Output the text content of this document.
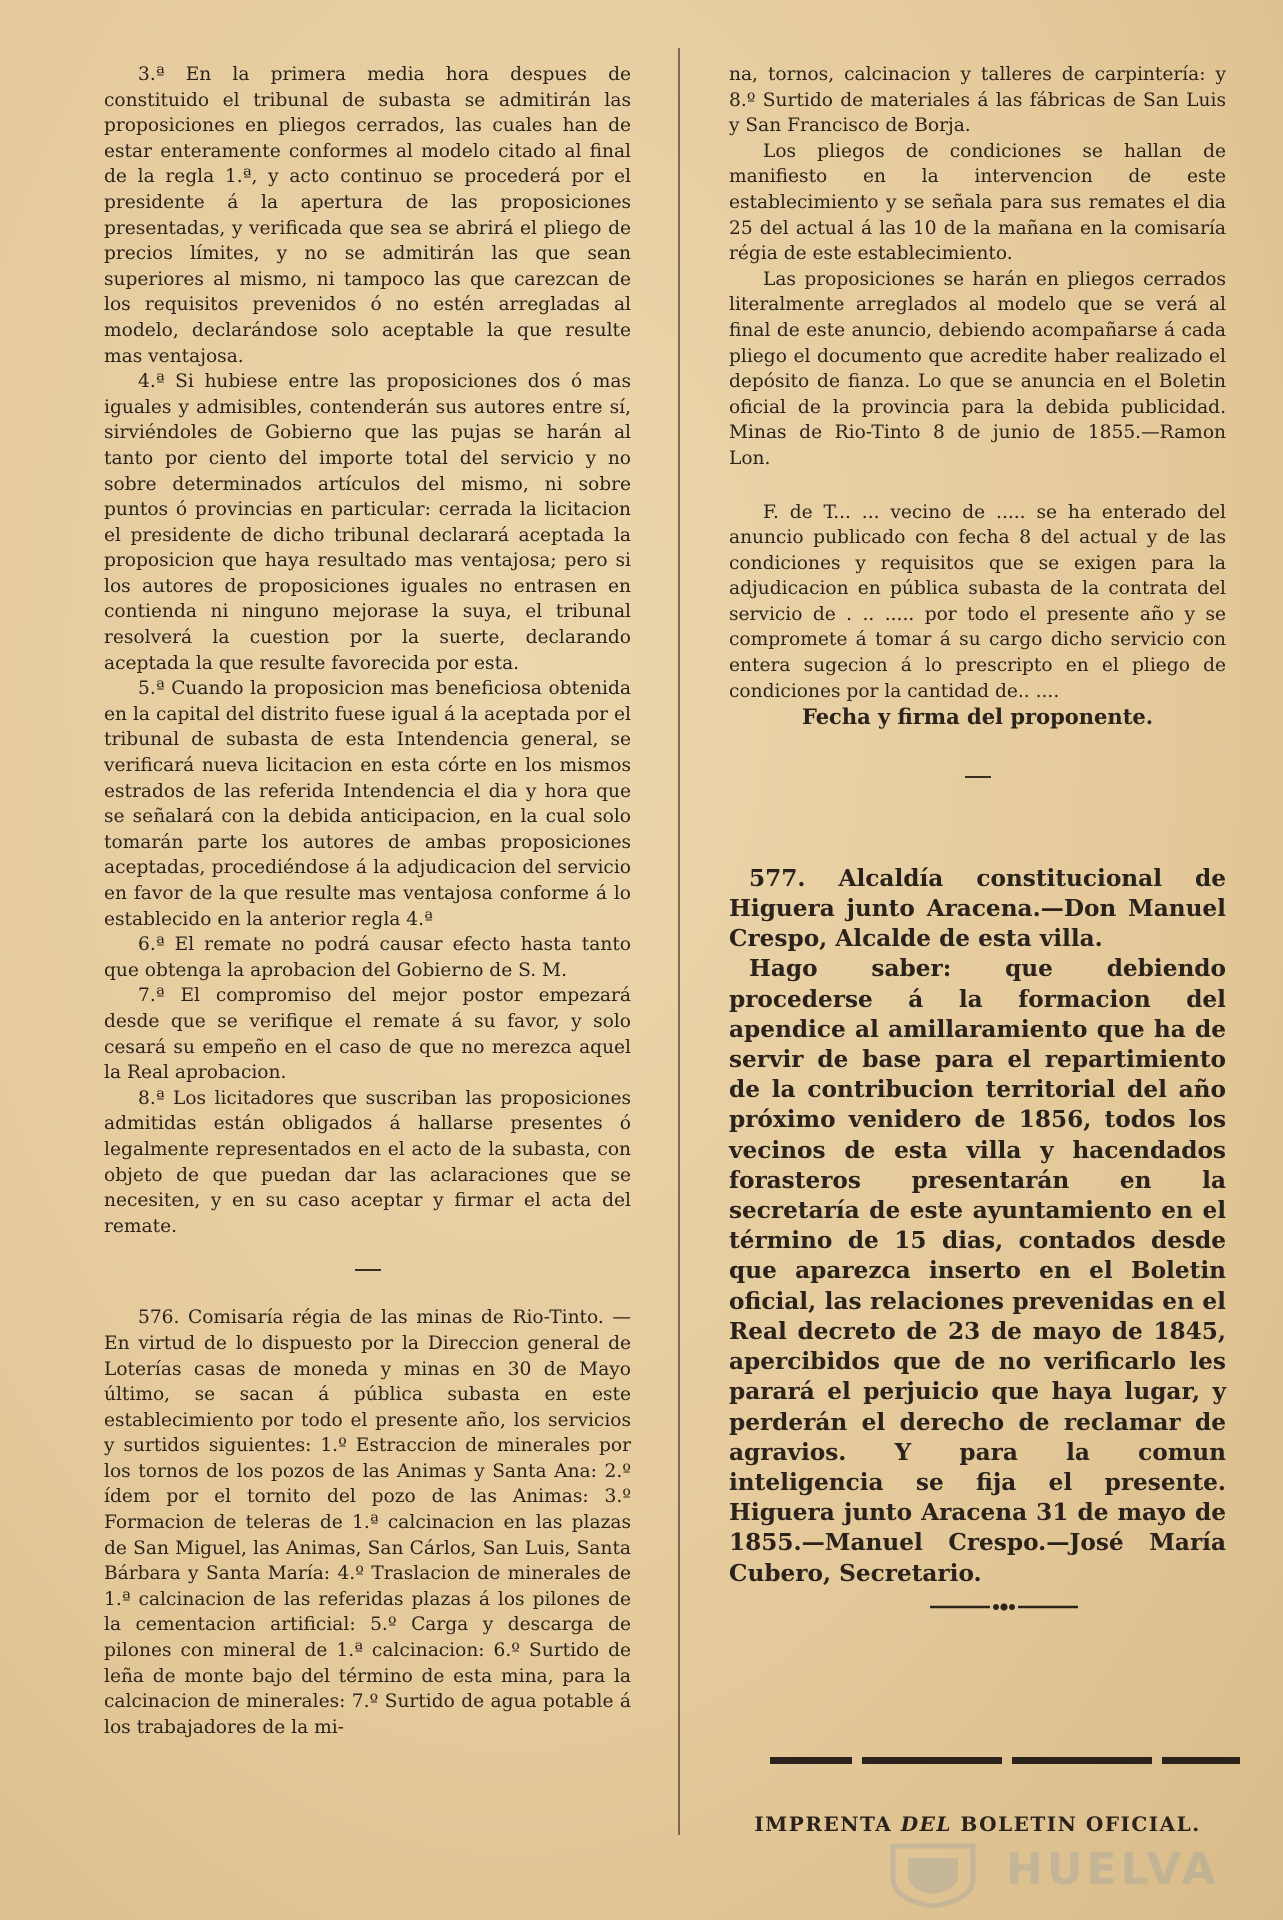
3.ª En la primera media hora despues de constituido el tribunal de subasta se admitirán las proposiciones en pliegos cerrados, las cuales han de estar enteramente conformes al modelo citado al final de la regla 1.ª, y acto continuo se procederá por el presidente á la apertura de las proposiciones presentadas, y verificada que sea se abrirá el pliego de precios límites, y no se admitirán las que sean superiores al mismo, ni tampoco las que carezcan de los requisitos prevenidos ó no estén arregladas al modelo, declarándose solo aceptable la que resulte mas ventajosa.

4.ª Si hubiese entre las proposiciones dos ó mas iguales y admisibles, contenderán sus autores entre sí, sirviéndoles de Gobierno que las pujas se harán al tanto por ciento del importe total del servicio y no sobre determinados artículos del mismo, ni sobre puntos ó provincias en particular: cerrada la licitacion el presidente de dicho tribunal declarará aceptada la proposicion que haya resultado mas ventajosa; pero si los autores de proposiciones iguales no entrasen en contienda ni ninguno mejorase la suya, el tribunal resolverá la cuestion por la suerte, declarando aceptada la que resulte favorecida por esta.

5.ª Cuando la proposicion mas beneficiosa obtenida en la capital del distrito fuese igual á la aceptada por el tribunal de subasta de esta Intendencia general, se verificará nueva licitacion en esta córte en los mismos estrados de las referida Intendencia el dia y hora que se señalará con la debida anticipacion, en la cual solo tomarán parte los autores de ambas proposiciones aceptadas, procediéndose á la adjudicacion del servicio en favor de la que resulte mas ventajosa conforme á lo establecido en la anterior regla 4.ª

6.ª El remate no podrá causar efecto hasta tanto que obtenga la aprobacion del Gobierno de S. M.

7.ª El compromiso del mejor postor empezará desde que se verifique el remate á su favor, y solo cesará su empeño en el caso de que no merezca aquel la Real aprobacion.

8.ª Los licitadores que suscriban las proposiciones admitidas están obligados á hallarse presentes ó legalmente representados en el acto de la subasta, con objeto de que puedan dar las aclaraciones que se necesiten, y en su caso aceptar y firmar el acta del remate.

576. Comisaría régia de las minas de Rio-Tinto. —En virtud de lo dispuesto por la Direccion general de Loterías casas de moneda y minas en 30 de Mayo último, se sacan á pública subasta en este establecimiento por todo el presente año, los servicios y surtidos siguientes: 1.º Estraccion de minerales por los tornos de los pozos de las Animas y Santa Ana: 2.º ídem por el tornito del pozo de las Animas: 3.º Formacion de teleras de 1.ª calcinacion en las plazas de San Miguel, las Animas, San Cárlos, San Luis, Santa Bárbara y Santa María: 4.º Traslacion de minerales de 1.ª calcinacion de las referidas plazas á los pilones de la cementacion artificial: 5.º Carga y descarga de pilones con mineral de 1.ª calcinacion: 6.º Surtido de leña de monte bajo del término de esta mina, para la calcinacion de minerales: 7.º Surtido de agua potable á los trabajadores de la mi-

na, tornos, calcinacion y talleres de carpintería: y 8.º Surtido de materiales á las fábricas de San Luis y San Francisco de Borja.

Los pliegos de condiciones se hallan de manifiesto en la intervencion de este establecimiento y se señala para sus remates el dia 25 del actual á las 10 de la mañana en la comisaría régia de este establecimiento.

Las proposiciones se harán en pliegos cerrados literalmente arreglados al modelo que se verá al final de este anuncio, debiendo acompañarse á cada pliego el documento que acredite haber realizado el depósito de fianza. Lo que se anuncia en el Boletin oficial de la provincia para la debida publicidad. Minas de Rio-Tinto 8 de junio de 1855.—Ramon Lon.

F. de T... ... vecino de ..... se ha enterado del anuncio publicado con fecha 8 del actual y de las condiciones y requisitos que se exigen para la adjudicacion en pública subasta de la contrata del servicio de . .. ..... por todo el presente año y se compromete á tomar á su cargo dicho servicio con entera sugecion á lo prescripto en el pliego de condiciones por la cantidad de.. ....

Fecha y firma del proponente.

577. Alcaldía constitucional de Higuera junto Aracena.—Don Manuel Crespo, Alcalde de esta villa.

Hago saber: que debiendo procederse á la formacion del apendice al amillaramiento que ha de servir de base para el repartimiento de la contribucion territorial del año próximo venidero de 1856, todos los vecinos de esta villa y hacendados forasteros presentarán en la secretaría de este ayuntamiento en el término de 15 dias, contados desde que aparezca inserto en el Boletin oficial, las relaciones prevenidas en el Real decreto de 23 de mayo de 1845, apercibidos que de no verificarlo les parará el perjuicio que haya lugar, y perderán el derecho de reclamar de agravios. Y para la comun inteligencia se fija el presente. Higuera junto Aracena 31 de mayo de 1855.—Manuel Crespo.—José María Cubero, Secretario.

IMPRENTA DEL BOLETIN OFICIAL.
HUELVA
